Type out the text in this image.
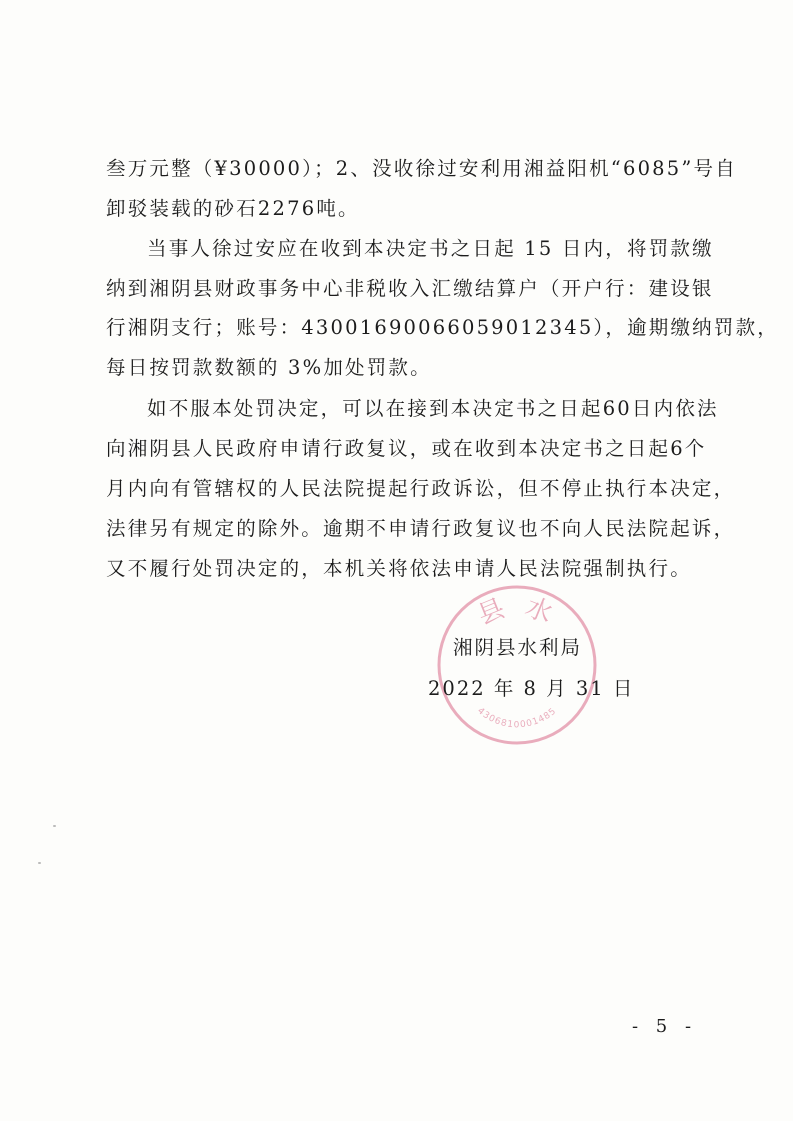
叁万元整（¥30000）；2、没收徐过安利用湘益阳机“6085”号自
卸驳装载的砂石2276吨。
当事人徐过安应在收到本决定书之日起 15 日内，将罚款缴
纳到湘阴县财政事务中心非税收入汇缴结算户（开户行：建设银
行湘阴支行；账号：43001690066059012345），逾期缴纳罚款，
每日按罚款数额的 3%加处罚款。
如不服本处罚决定，可以在接到本决定书之日起60日内依法
向湘阴县人民政府申请行政复议，或在收到本决定书之日起6个
月内向有管辖权的人民法院提起行政诉讼，但不停止执行本决定，
法律另有规定的除外。逾期不申请行政复议也不向人民法院起诉，
又不履行处罚决定的，本机关将依法申请人民法院强制执行。
县 水
4306810001485
湘阴县水利局
2022 年 8 月 31 日
- 5 -
